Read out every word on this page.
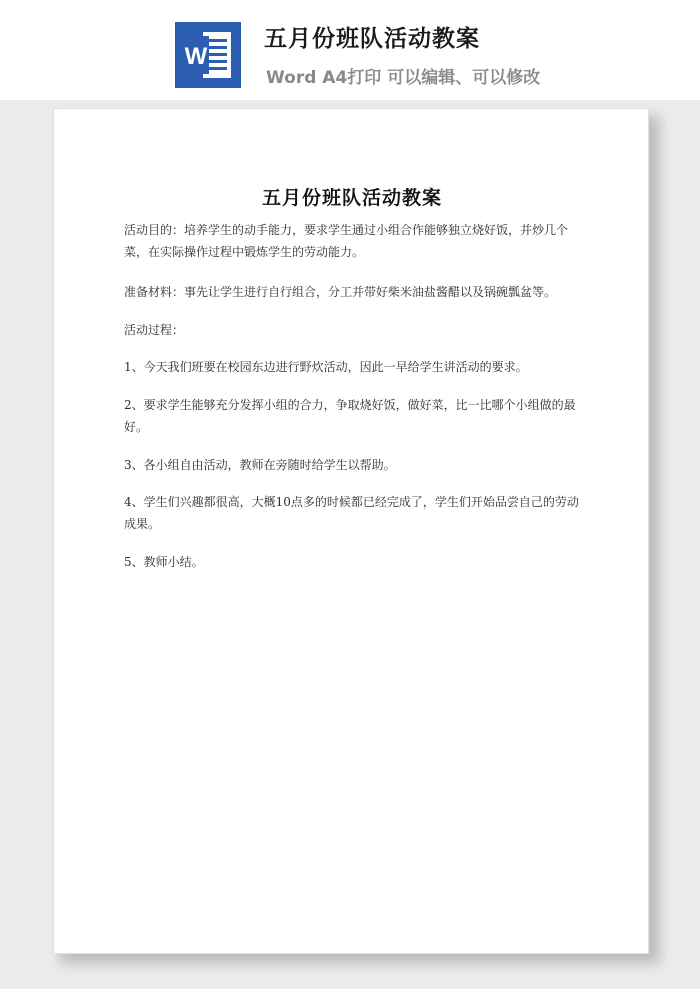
W
五月份班队活动教案
Word A4打印 可以编辑、可以修改
五月份班队活动教案

活动目的：培养学生的动手能力，要求学生通过小组合作能够独立烧好饭，并炒几个菜，在实际操作过程中锻炼学生的劳动能力。

准备材料：事先让学生进行自行组合，分工并带好柴米油盐酱醋以及锅碗瓢盆等。

活动过程：

1、今天我们班要在校园东边进行野炊活动，因此一早给学生讲活动的要求。

2、要求学生能够充分发挥小组的合力，争取烧好饭，做好菜，比一比哪个小组做的最好。

3、各小组自由活动，教师在旁随时给学生以帮助。

4、学生们兴趣都很高，大概10点多的时候都已经完成了，学生们开始品尝自己的劳动成果。

5、教师小结。
